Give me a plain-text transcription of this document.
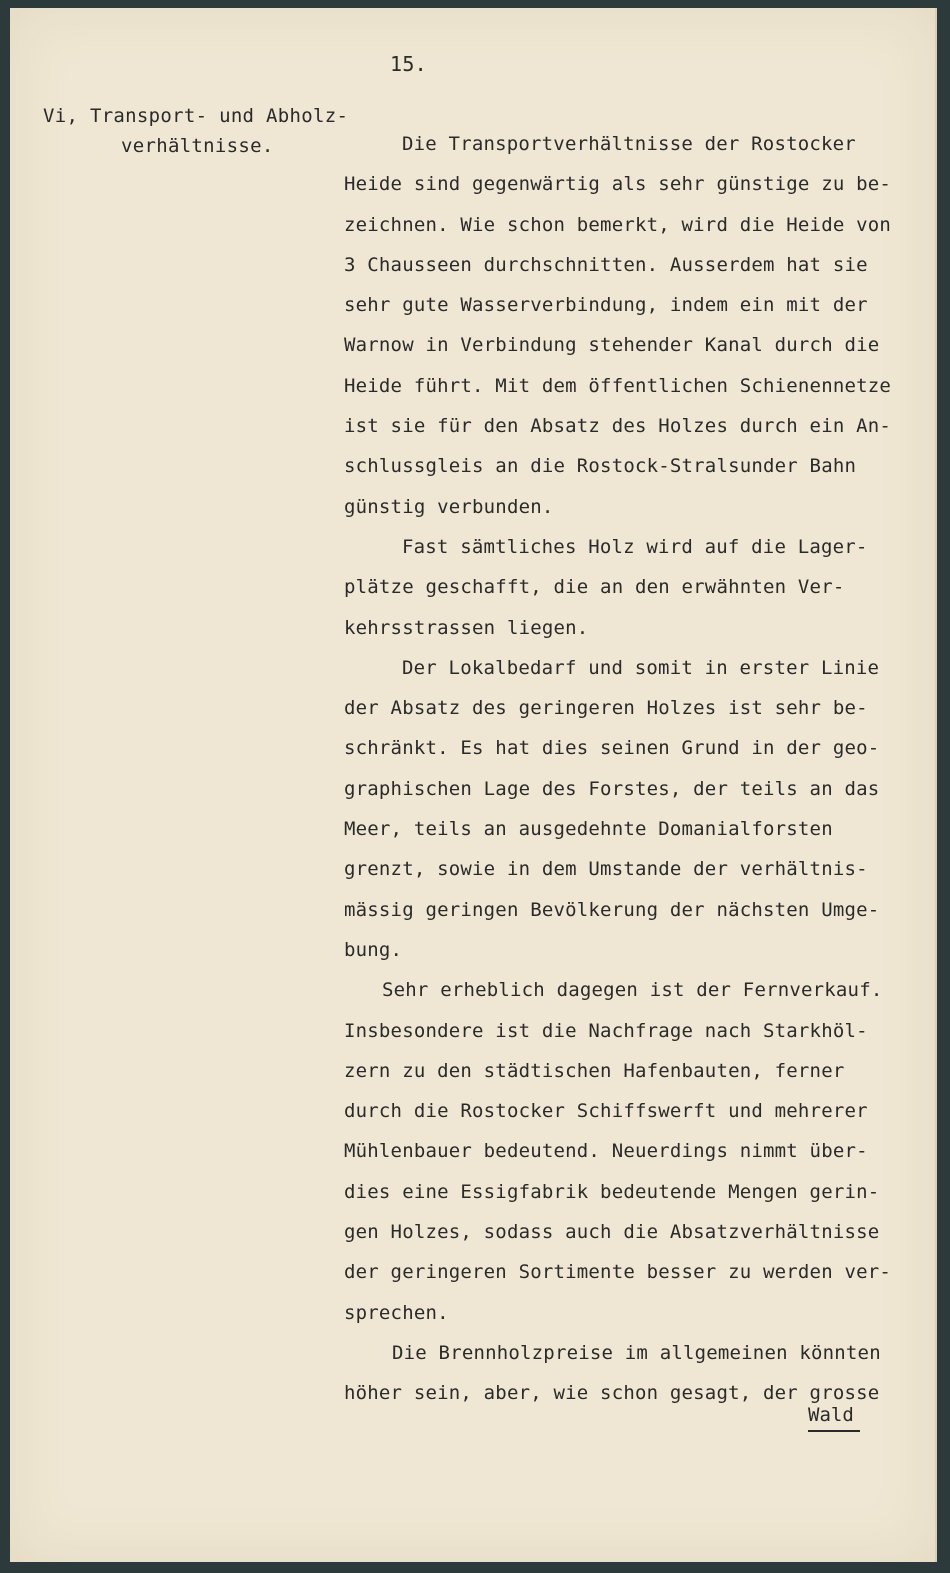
15.
Vi, Transport- und Abholz-
verhältnisse.	Die Transportverhältnisse der Rostocker
Heide sind gegenwärtig als sehr günstige zu be-
zeichnen. Wie schon bemerkt, wird die Heide von
3 Chausseen durchschnitten. Ausserdem hat sie
sehr gute Wasserverbindung, indem ein mit der
Warnow in Verbindung stehender Kanal durch die
Heide führt. Mit dem öffentlichen Schienennetze
ist sie für den Absatz des Holzes durch ein An-
schlussgleis an die Rostock-Stralsunder Bahn
günstig verbunden.
Fast sämtliches Holz wird auf die Lager-
plätze geschafft, die an den erwähnten Ver-
kehrsstrassen liegen.
Der Lokalbedarf und somit in erster Linie
der Absatz des geringeren Holzes ist sehr be-
schränkt. Es hat dies seinen Grund in der geo-
graphischen Lage des Forstes, der teils an das
Meer, teils an ausgedehnte Domanialforsten
grenzt, sowie in dem Umstande der verhältnis-
mässig geringen Bevölkerung der nächsten Umge-
bung.
Sehr erheblich dagegen ist der Fernverkauf.
Insbesondere ist die Nachfrage nach Starkhöl-
zern zu den städtischen Hafenbauten, ferner
durch die Rostocker Schiffswerft und mehrerer
Mühlenbauer bedeutend. Neuerdings nimmt über-
dies eine Essigfabrik bedeutende Mengen gerin-
gen Holzes, sodass auch die Absatzverhältnisse
der geringeren Sortimente besser zu werden ver-
sprechen.
Die Brennholzpreise im allgemeinen könnten
höher sein, aber, wie schon gesagt, der grosse
Wald
